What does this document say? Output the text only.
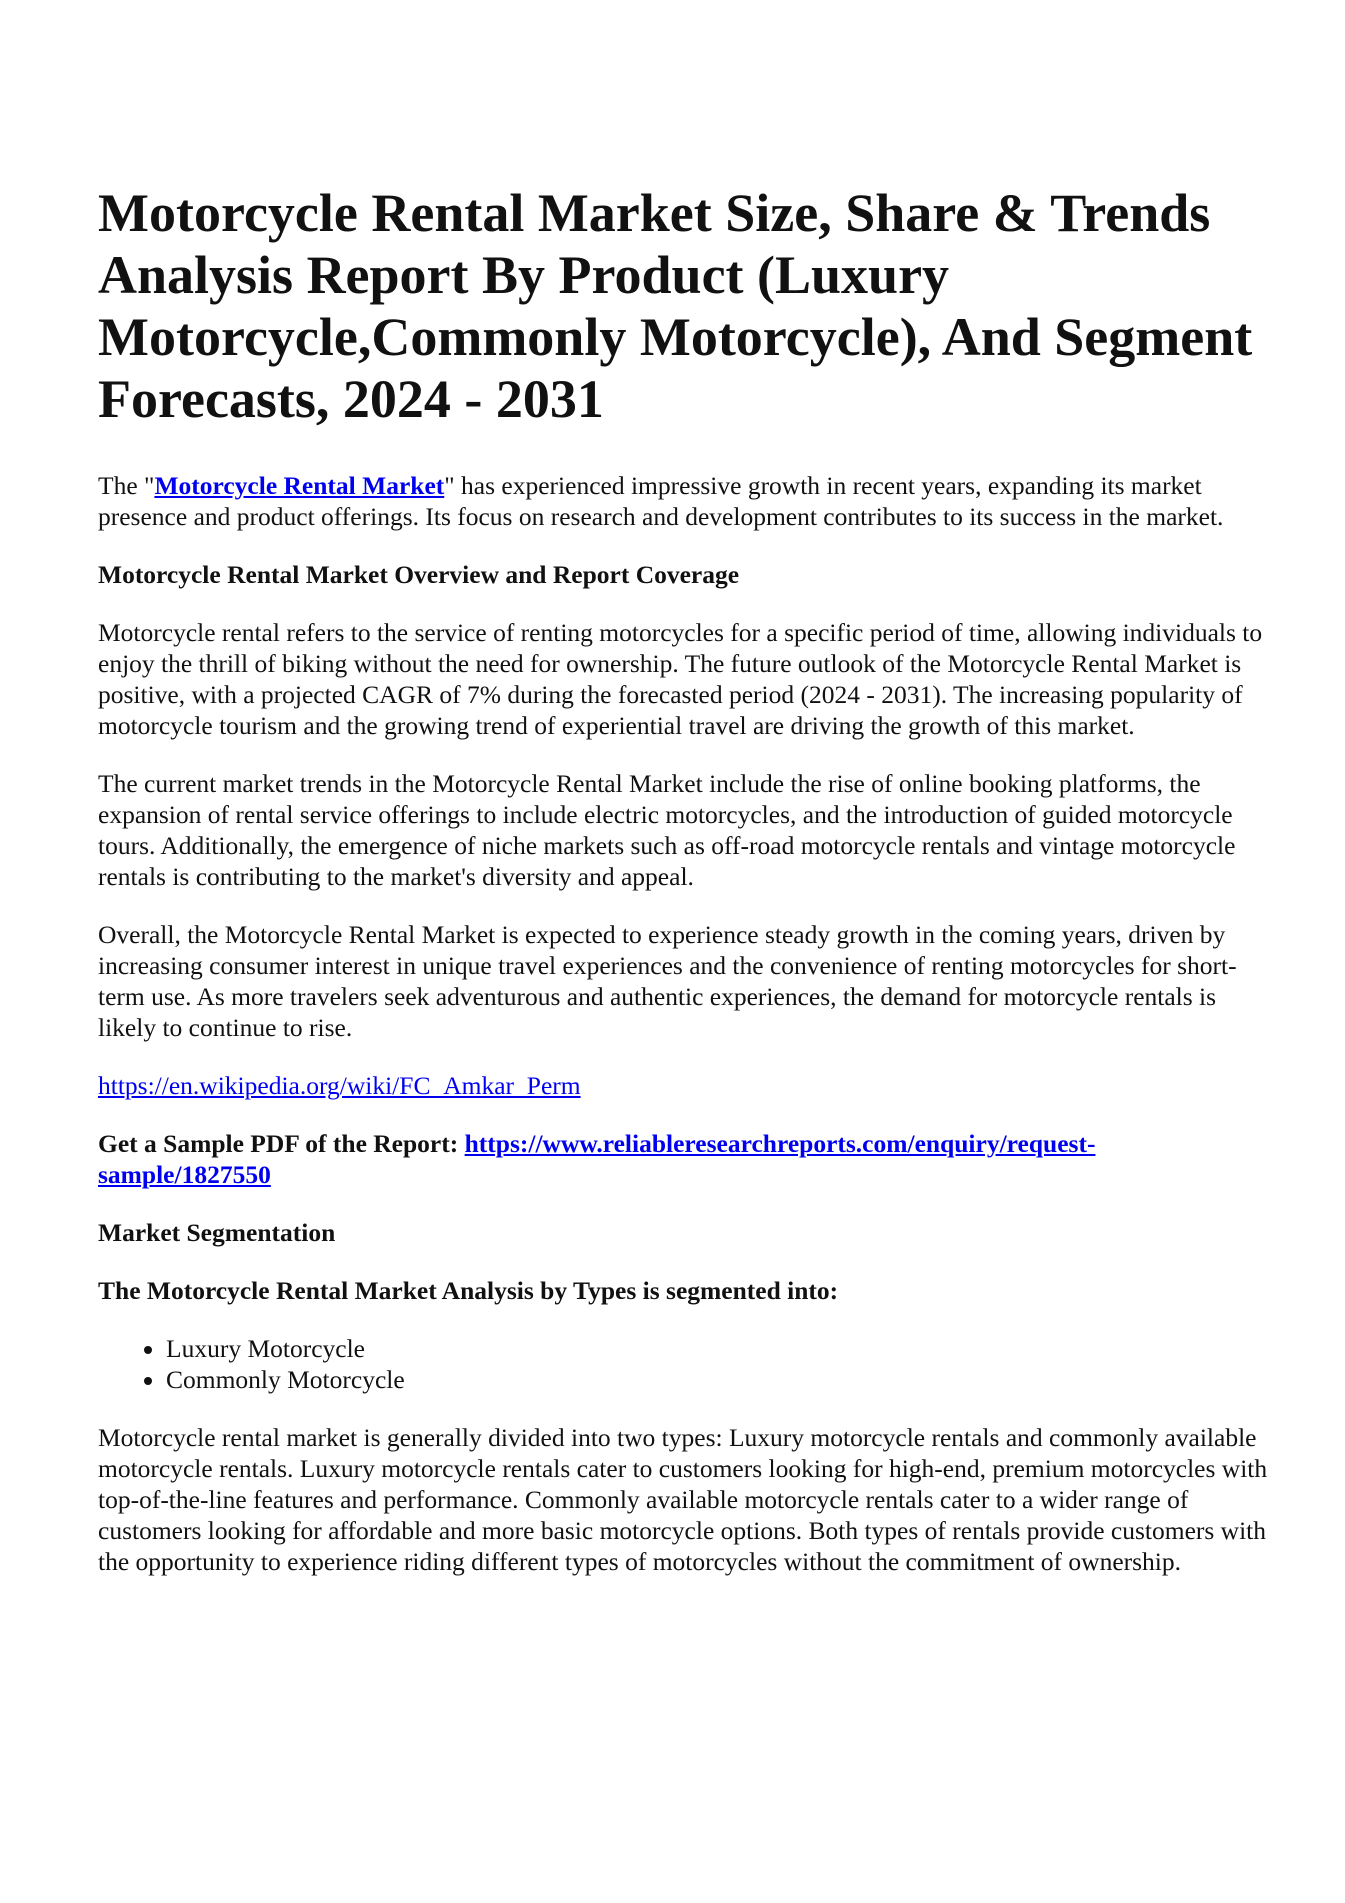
Motorcycle Rental Market Size, Share & Trends Analysis Report By Product (Luxury Motorcycle,Commonly Motorcycle), And Segment Forecasts, 2024 - 2031

The "Motorcycle Rental Market" has experienced impressive growth in recent years, expanding its market presence and product offerings. Its focus on research and development contributes to its success in the market.

Motorcycle Rental Market Overview and Report Coverage

Motorcycle rental refers to the service of renting motorcycles for a specific period of time, allowing individuals to enjoy the thrill of biking without the need for ownership. The future outlook of the Motorcycle Rental Market is positive, with a projected CAGR of 7% during the forecasted period (2024 - 2031). The increasing popularity of motorcycle tourism and the growing trend of experiential travel are driving the growth of this market.

The current market trends in the Motorcycle Rental Market include the rise of online booking platforms, the expansion of rental service offerings to include electric motorcycles, and the introduction of guided motorcycle tours. Additionally, the emergence of niche markets such as off-road motorcycle rentals and vintage motorcycle rentals is contributing to the market's diversity and appeal.

Overall, the Motorcycle Rental Market is expected to experience steady growth in the coming years, driven by increasing consumer interest in unique travel experiences and the convenience of renting motorcycles for short-term use. As more travelers seek adventurous and authentic experiences, the demand for motorcycle rentals is likely to continue to rise.

https://en.wikipedia.org/wiki/FC_Amkar_Perm

Get a Sample PDF of the Report: https://www.reliableresearchreports.com/enquiry/request-sample/1827550

Market Segmentation

The Motorcycle Rental Market Analysis by Types is segmented into:

• Luxury Motorcycle
• Commonly Motorcycle

Motorcycle rental market is generally divided into two types: Luxury motorcycle rentals and commonly available motorcycle rentals. Luxury motorcycle rentals cater to customers looking for high-end, premium motorcycles with top-of-the-line features and performance. Commonly available motorcycle rentals cater to a wider range of customers looking for affordable and more basic motorcycle options. Both types of rentals provide customers with the opportunity to experience riding different types of motorcycles without the commitment of ownership.
